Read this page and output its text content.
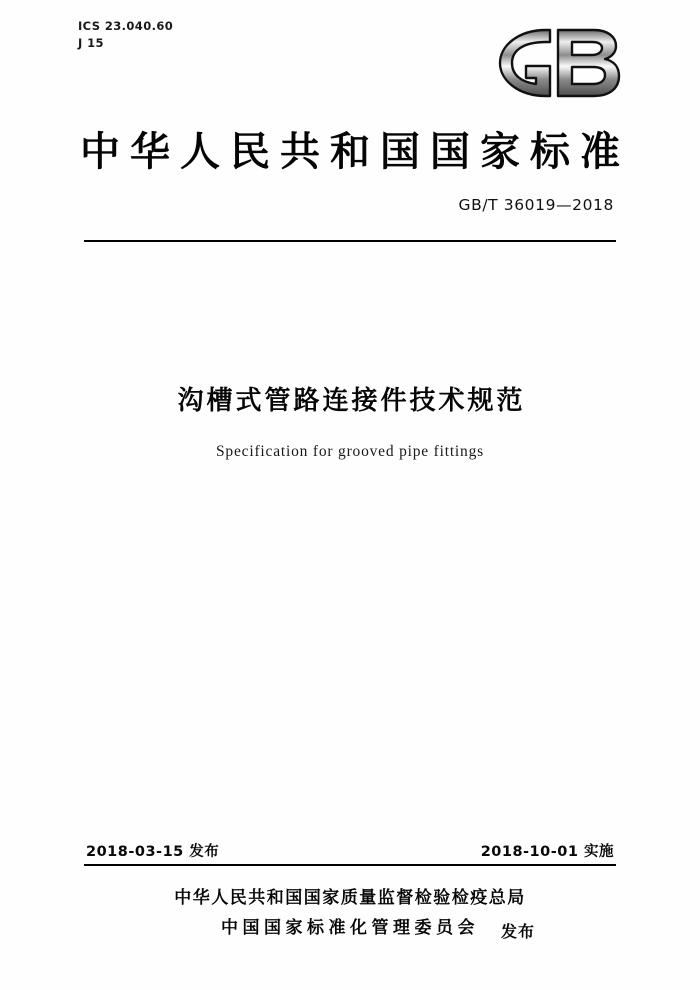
ICS 23.040.60
J 15
中华人民共和国国家标准
GB/T 36019—2018
沟槽式管路连接件技术规范
Specification for grooved pipe fittings
2018-03-15 发布	2018-10-01 实施
中华人民共和国国家质量监督检验检疫总局
中国国家标准化管理委员会 发布
